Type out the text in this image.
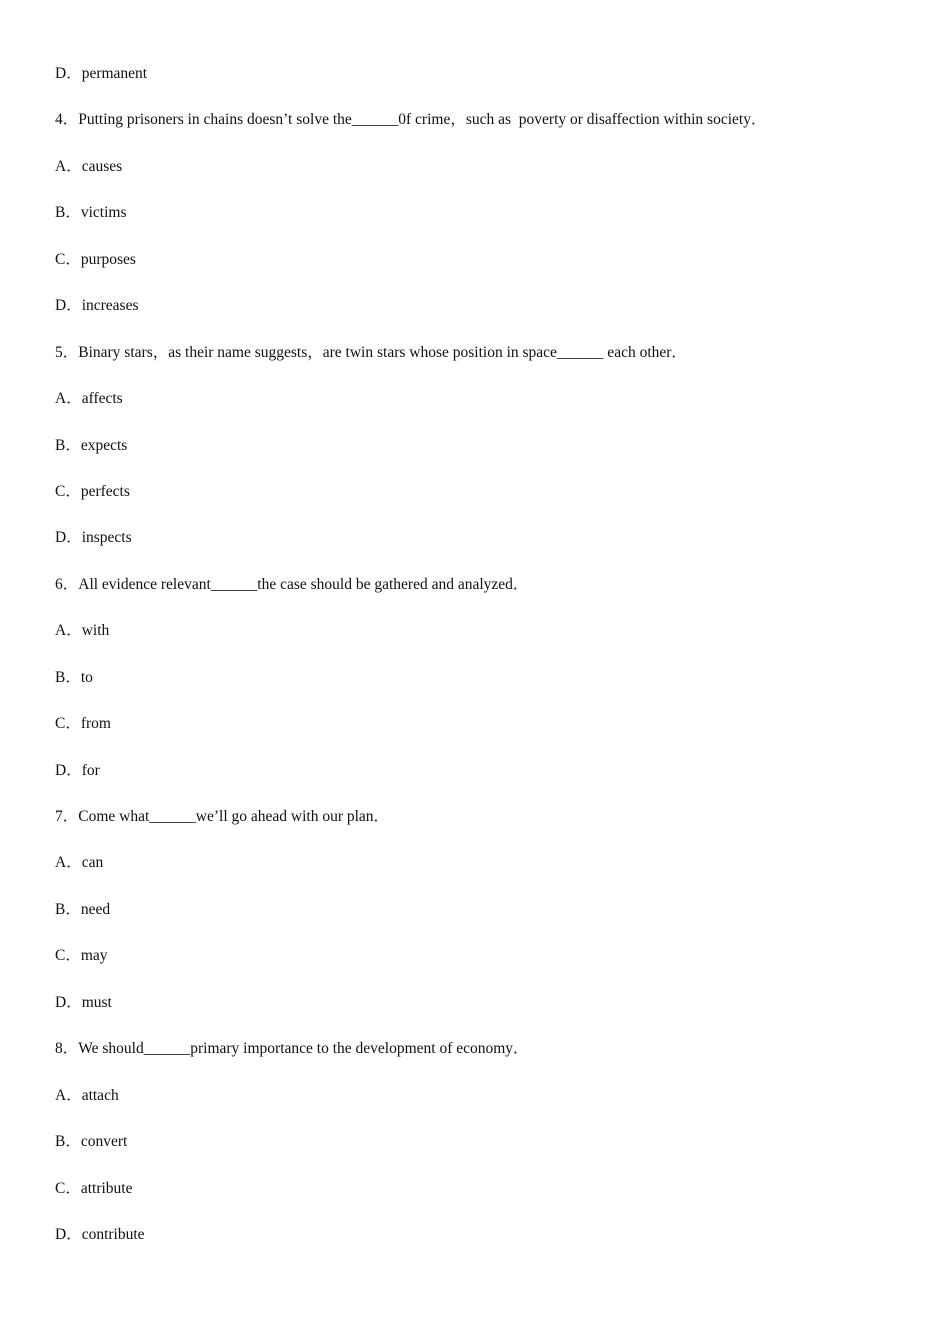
D．permanent
4．Putting prisoners in chains doesn’t solve the______0f crime，such as  poverty or disaffection within society．
A．causes
B．victims
C．purposes
D．increases
5．Binary stars，as their name suggests，are twin stars whose position in space______ each other．
A．affects
B．expects
C．perfects
D．inspects
6．All evidence relevant______the case should be gathered and analyzed．
A．with
B．to
C．from
D．for
7．Come what______we’ll go ahead with our plan．
A．can
B．need
C．may
D．must
8．We should______primary importance to the development of economy．
A．attach
B．convert
C．attribute
D．contribute
